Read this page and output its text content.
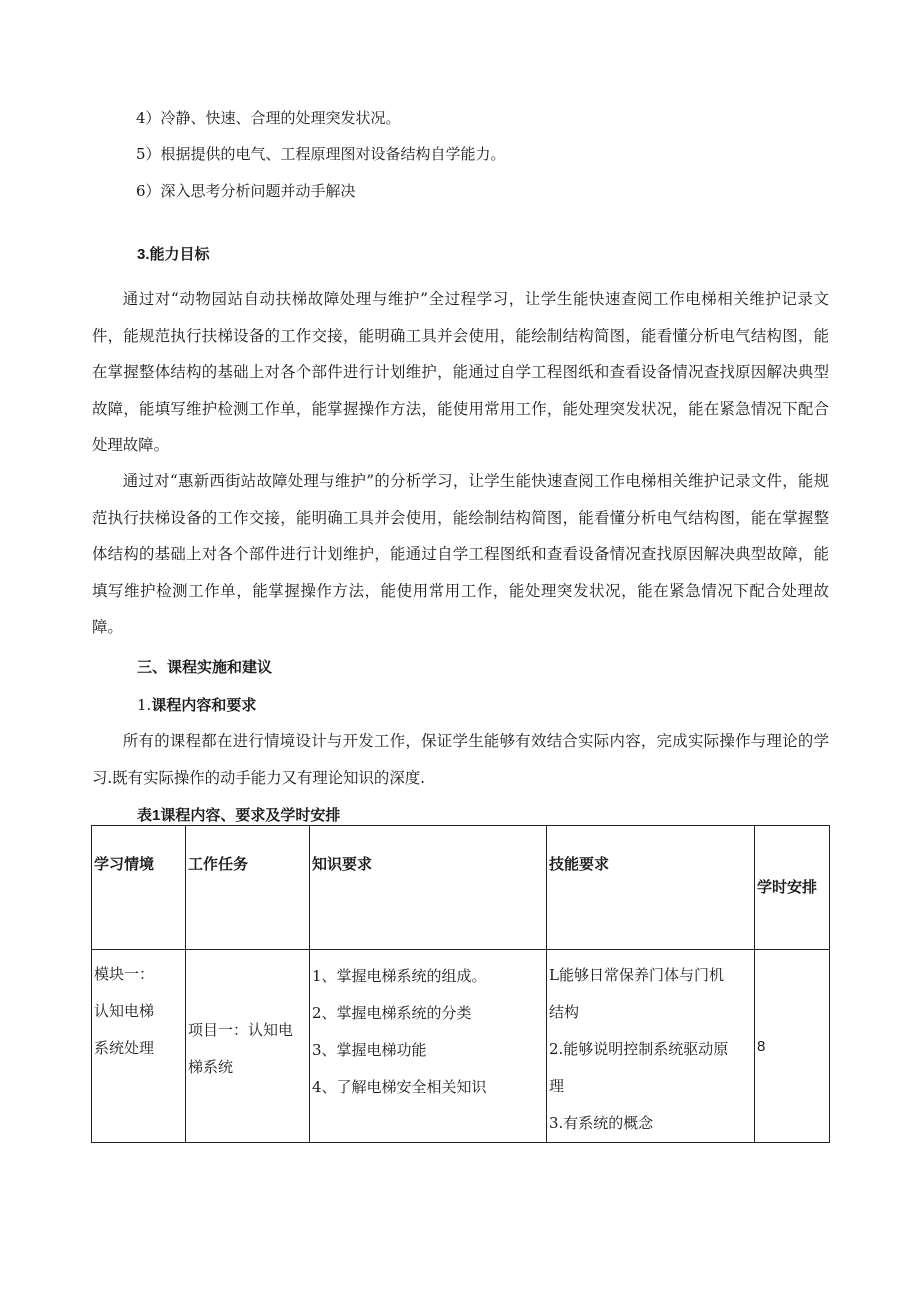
4）冷静、快速、合理的处理突发状况。
5）根据提供的电气、工程原理图对设备结构自学能力。
6）深入思考分析问题并动手解决
3.能力目标

通过对“动物园站自动扶梯故障处理与维护”全过程学习，让学生能快速查阅工作电梯相关维护记录文件，能规范执行扶梯设备的工作交接，能明确工具并会使用，能绘制结构简图，能看懂分析电气结构图，能在掌握整体结构的基础上对各个部件进行计划维护，能通过自学工程图纸和查看设备情况查找原因解决典型故障，能填写维护检测工作单，能掌握操作方法，能使用常用工作，能处理突发状况，能在紧急情况下配合处理故障。

通过对“惠新西街站故障处理与维护”的分析学习，让学生能快速查阅工作电梯相关维护记录文件，能规范执行扶梯设备的工作交接，能明确工具并会使用，能绘制结构简图，能看懂分析电气结构图，能在掌握整体结构的基础上对各个部件进行计划维护，能通过自学工程图纸和查看设备情况查找原因解决典型故障，能填写维护检测工作单，能掌握操作方法，能使用常用工作，能处理突发状况，能在紧急情况下配合处理故障。

三、课程实施和建议
1.课程内容和要求

所有的课程都在进行情境设计与开发工作，保证学生能够有效结合实际内容，完成实际操作与理论的学习.既有实际操作的动手能力又有理论知识的深度.

表1课程内容、要求及学时安排
学习情境	工作任务	知识要求	技能要求	学时安排

模块一：
认知电梯
系统处理	项目一：认知电
梯系统	1、掌握电梯系统的组成。
2、掌握电梯系统的分类
3、掌握电梯功能
4、了解电梯安全相关知识	L能够日常保养门体与门机
结构
2.能够说明控制系统驱动原
理
3.有系统的概念	8
